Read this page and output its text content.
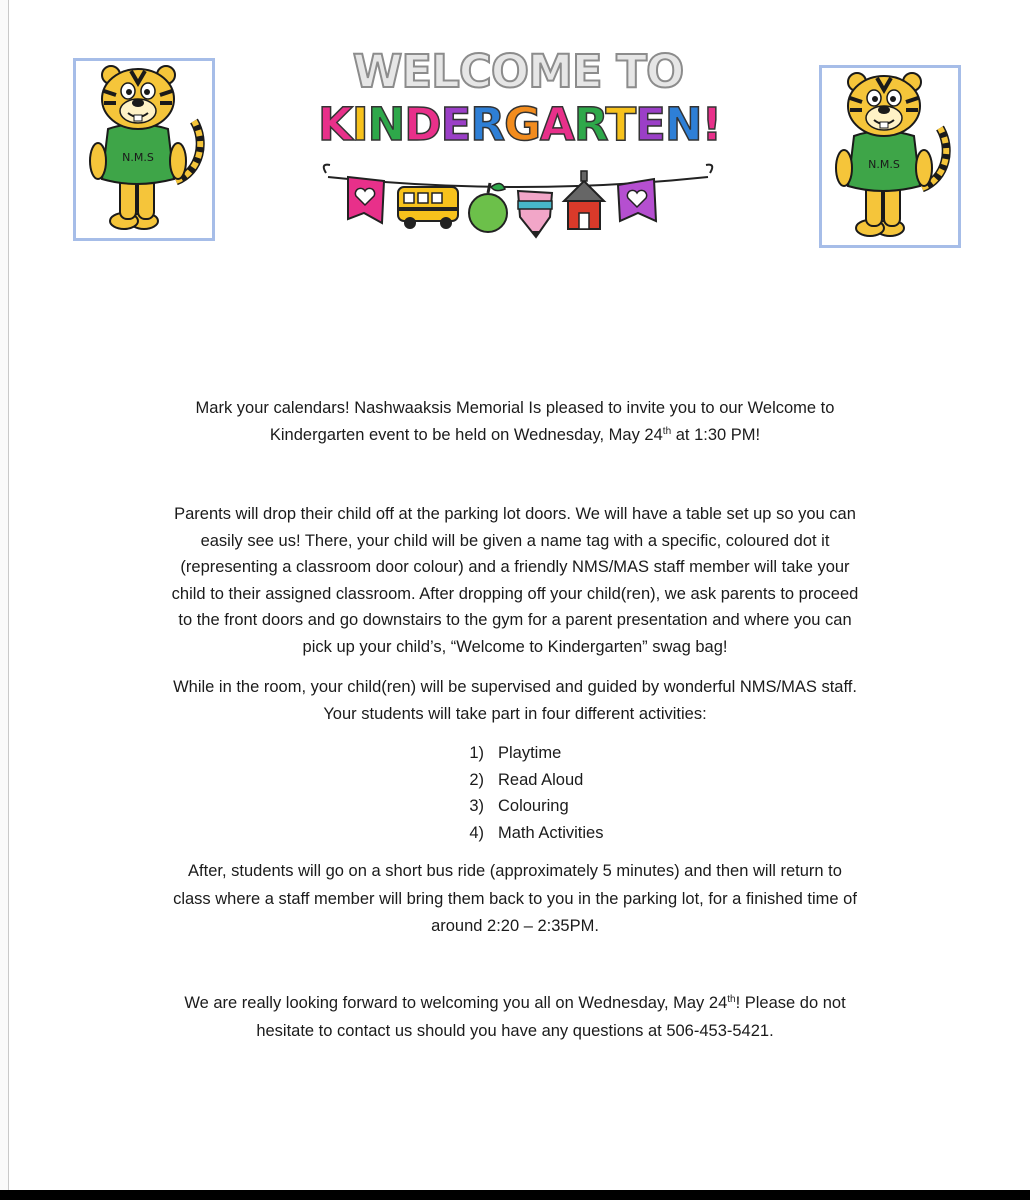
N.M.S
WELCOME TO
KINDERGARTEN!
N.M.S

Mark your calendars! Nashwaaksis Memorial Is pleased to invite you to our Welcome to

Kindergarten event to be held on Wednesday, May 24th at 1:30 PM!

Parents will drop their child off at the parking lot doors. We will have a table set up so you can

easily see us! There, your child will be given a name tag with a specific, coloured dot it

(representing a classroom door colour) and a friendly NMS/MAS staff member will take your

child to their assigned classroom. After dropping off your child(ren), we ask parents to proceed

to the front doors and go downstairs to the gym for a parent presentation and where you can

pick up your child’s, “Welcome to Kindergarten” swag bag!

While in the room, your child(ren) will be supervised and guided by wonderful NMS/MAS staff.

Your students will take part in four different activities:

1) Playtime
2) Read Aloud
3) Colouring
4) Math Activities

After, students will go on a short bus ride (approximately 5 minutes) and then will return to

class where a staff member will bring them back to you in the parking lot, for a finished time of

around 2:20 – 2:35PM.

We are really looking forward to welcoming you all on Wednesday, May 24th! Please do not

hesitate to contact us should you have any questions at 506-453-5421.
